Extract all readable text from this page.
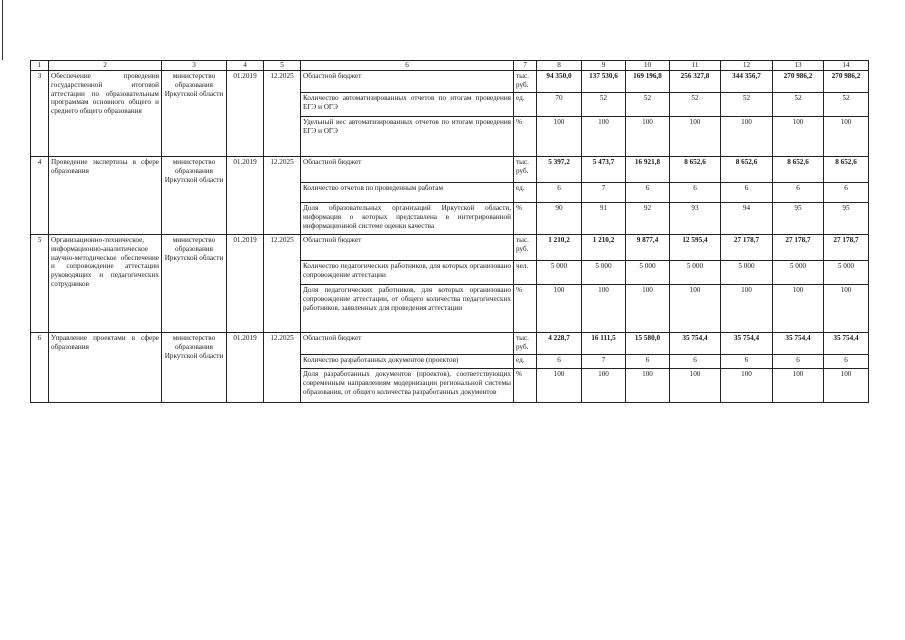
1	2	3	4	5	6	7	8	9	10	11	12	13	14
3	Обеспечение проведения государственной итоговой аттестации по образовательным программам основного общего и среднего общего образования	министерство образования Иркутской области	01.2019	12.2025	Областной бюджет	тыс. руб.	94 350,0	137 530,6	169 196,8	256 327,8	344 356,7	270 986,2	270 986,2
					Количество автоматизированных отчетов по итогам проведения ЕГЭ и ОГЭ	ед.	70	52	52	52	52	52	52
					Удельный вес автоматизированных отчетов по итогам проведения ЕГЭ и ОГЭ	%	100	100	100	100	100	100	100
4	Проведение экспертизы в сфере образования	министерство образования Иркутской области	01.2019	12.2025	Областной бюджет	тыс. руб.	5 397,2	5 473,7	16 921,8	8 652,6	8 652,6	8 652,6	8 652,6
					Количество отчетов по проведенным работам	ед.	6	7	6	6	6	6	6
					Доля образовательных организаций Иркутской области, информация о которых представлена в интегрированной информационной системе оценки качества	%	90	91	92	93	94	95	95
5	Организационно-техническое, информационно-аналитическое научно-методическое обеспечение и сопровождение аттестации руководящих и педагогических сотрудников	министерство образования Иркутской области	01.2019	12.2025	Областной бюджет	тыс. руб.	1 210,2	1 210,2	9 877,4	12 595,4	27 178,7	27 178,7	27 178,7
					Количество педагогических работников, для которых организовано сопровождение аттестации	чел.	5 000	5 000	5 000	5 000	5 000	5 000	5 000
					Доля педагогических работников, для которых организовано сопровождение аттестации, от общего количества педагогических работников, заявленных для проведения аттестации	%	100	100	100	100	100	100	100
6	Управление проектами в сфере образования	министерство образования Иркутской области	01.2019	12.2025	Областной бюджет	тыс. руб.	4 228,7	16 111,5	15 580,0	35 754,4	35 754,4	35 754,4	35 754,4
					Количество разработанных документов (проектов)	ед.	6	7	6	6	6	6	6
					Доля разработанных документов (проектов), соответствующих современным направлениям модернизации региональной системы образования, от общего количества разработанных документов	%	100	100	100	100	100	100	100
